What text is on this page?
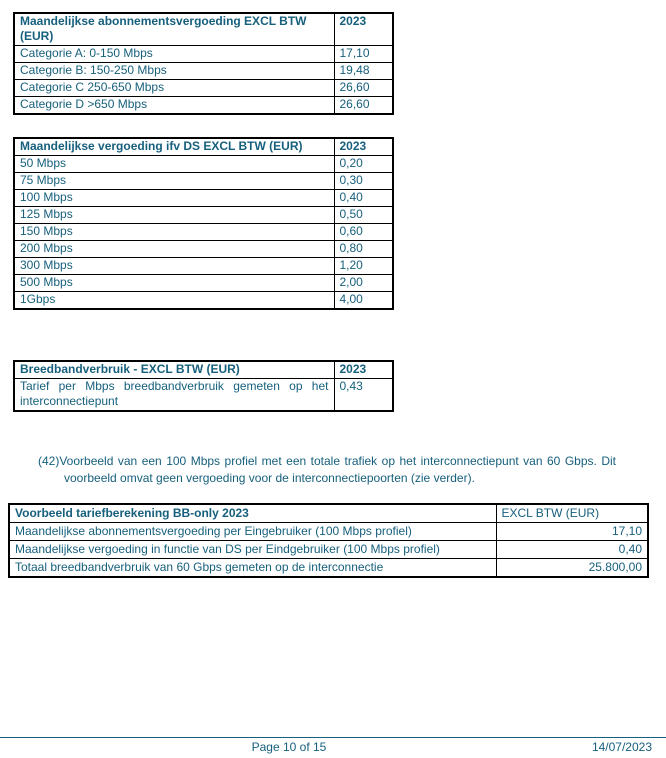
Maandelijkse abonnementsvergoeding EXCL BTW (EUR)	2023
Categorie A: 0-150 Mbps	17,10
Categorie B: 150-250 Mbps	19,48
Categorie C 250-650 Mbps	26,60
Categorie D >650 Mbps	26,60
Maandelijkse vergoeding ifv DS EXCL BTW (EUR)	2023
50 Mbps	0,20
75 Mbps	0,30
100 Mbps	0,40
125 Mbps	0,50
150 Mbps	0,60
200 Mbps	0,80
300 Mbps	1,20
500 Mbps	2,00
1Gbps	4,00
Breedbandverbruik - EXCL BTW (EUR)	2023
Tarief per Mbps breedbandverbruik gemeten op het interconnectiepunt	0,43
(42)Voorbeeld van een 100 Mbps profiel met een totale trafiek op het interconnectiepunt van 60 Gbps. Dit voorbeeld omvat geen vergoeding voor de interconnectiepoorten (zie verder).
Voorbeeld tariefberekening BB-only 2023	EXCL BTW (EUR)
Maandelijkse abonnementsvergoeding per Eingebruiker (100 Mbps profiel)	17,10
Maandelijkse vergoeding in functie van DS per Eindgebruiker (100 Mbps profiel)	0,40
Totaal breedbandverbruik van 60 Gbps gemeten op de interconnectie	25.800,00
Page 10 of 15	14/07/2023
